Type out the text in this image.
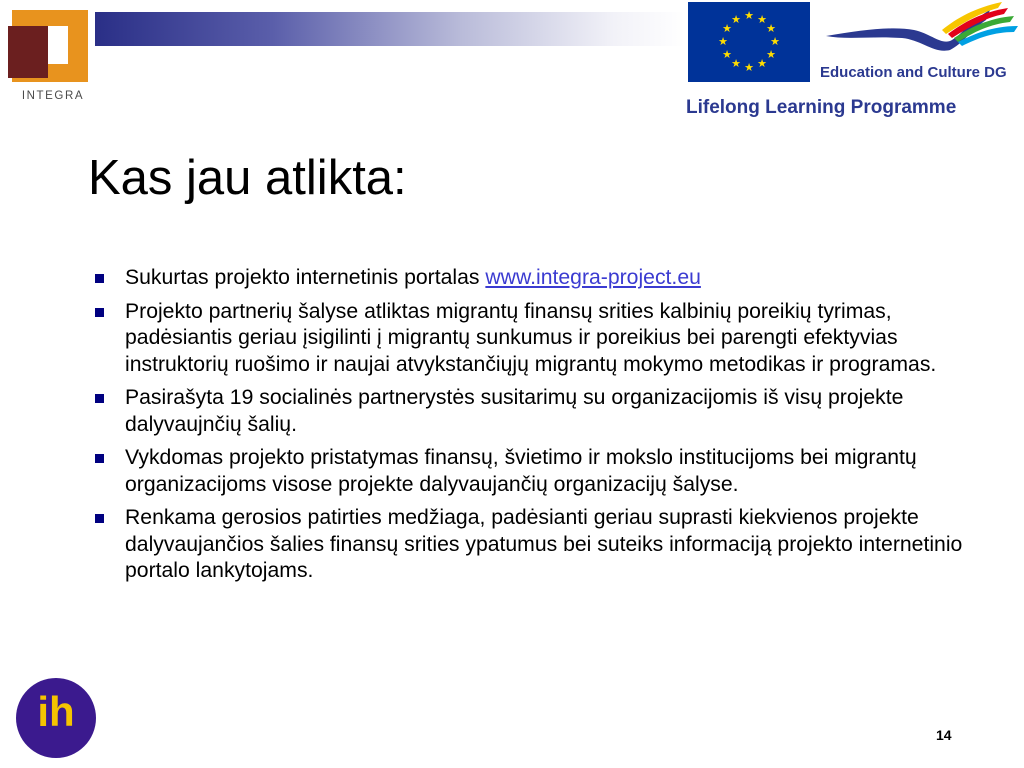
INTEGRA
★ ★
★
★
★
★
★
★
★
★
★
★
Education and Culture DG
Lifelong Learning Programme
Kas jau atlikta:
Sukurtas projekto internetinis portalas www.integra-project.eu
Projekto partnerių šalyse atliktas migrantų finansų srities kalbinių poreikių tyrimas, padėsiantis geriau įsigilinti į migrantų sunkumus ir poreikius bei parengti efektyvias instruktorių ruošimo ir naujai atvykstančiųjų migrantų mokymo metodikas ir programas.
Pasirašyta 19 socialinės partnerystės susitarimų su organizacijomis iš visų projekte dalyvaujnčių šalių.
Vykdomas projekto pristatymas finansų, švietimo ir mokslo institucijoms bei migrantų organizacijoms visose projekte dalyvaujančių organizacijų šalyse.
Renkama gerosios patirties medžiaga, padėsianti geriau suprasti kiekvienos projekte dalyvaujančios šalies finansų srities ypatumus bei suteiks informaciją projekto internetinio portalo lankytojams.
ih	14
